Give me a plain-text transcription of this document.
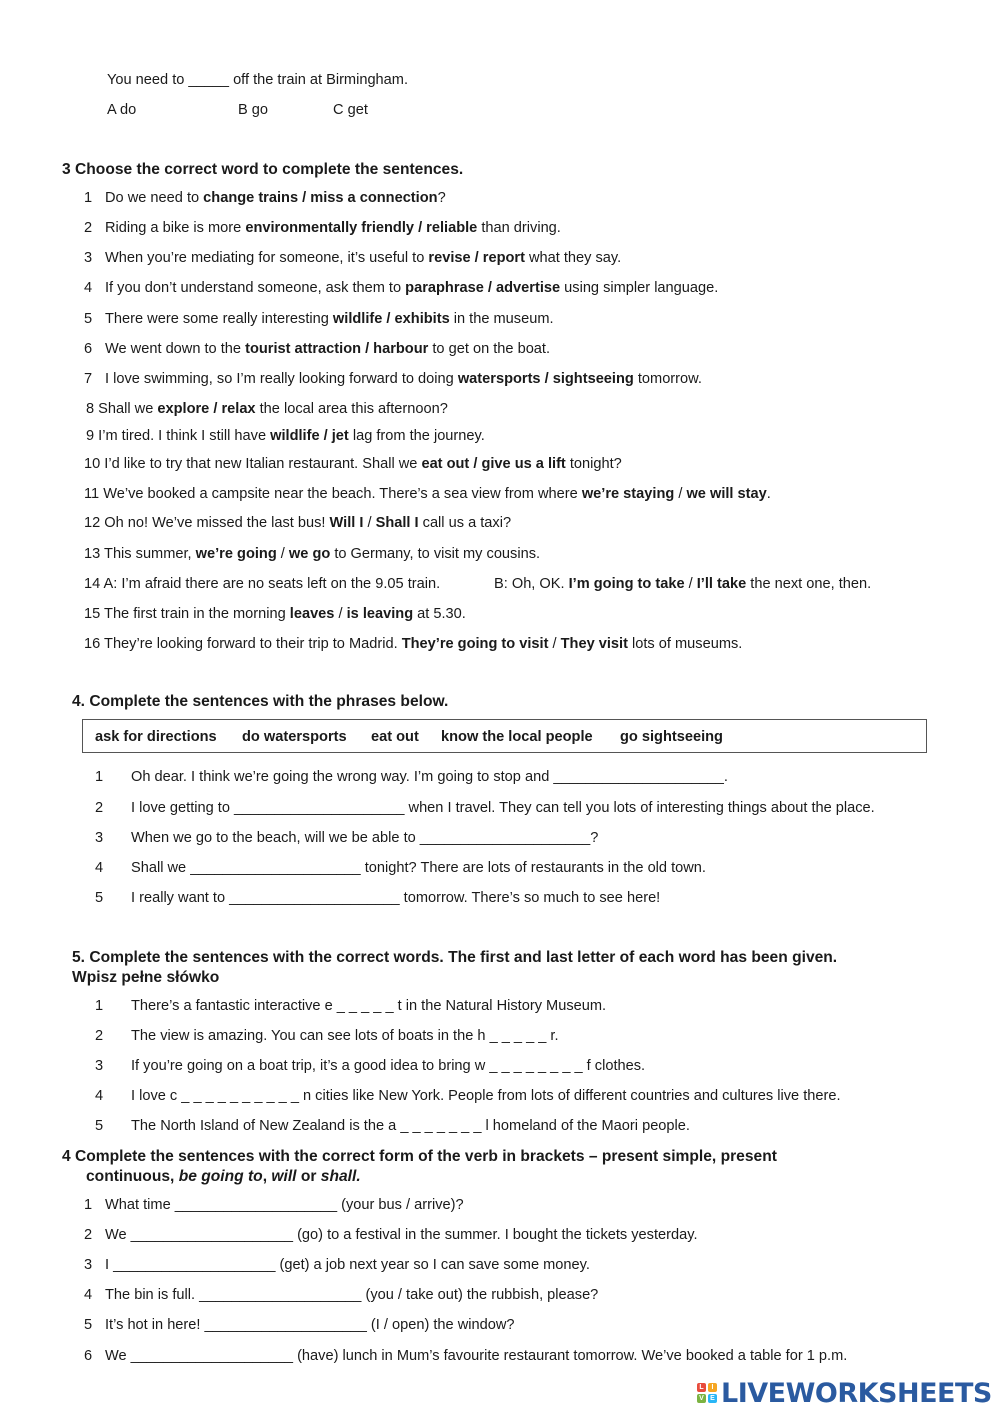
You need to _____ off the train at Birmingham.
A do	B go	C get
3 Choose the correct word to complete the sentences.
1 Do we need to change trains / miss a connection?
2 Riding a bike is more environmentally friendly / reliable than driving.
3 When you’re mediating for someone, it’s useful to revise / report what they say.
4 If you don’t understand someone, ask them to paraphrase / advertise using simpler language.
5 There were some really interesting wildlife / exhibits in the museum.
6 We went down to the tourist attraction / harbour to get on the boat.
7 I love swimming, so I’m really looking forward to doing watersports / sightseeing tomorrow.
8 Shall we explore / relax the local area this afternoon?
9 I’m tired. I think I still have wildlife / jet lag from the journey.
10 I’d like to try that new Italian restaurant. Shall we eat out / give us a lift tonight?
11 We’ve booked a campsite near the beach. There’s a sea view from where we’re staying / we will stay.
12 Oh no! We’ve missed the last bus! Will I / Shall I call us a taxi?
13 This summer, we’re going / we go to Germany, to visit my cousins.
14 A: I’m afraid there are no seats left on the 9.05 train.	B: Oh, OK. I’m going to take / I’ll take the next one, then.
15 The first train in the morning leaves / is leaving at 5.30.
16 They’re looking forward to their trip to Madrid. They’re going to visit / They visit lots of museums.
4. Complete the sentences with the phrases below.
ask for directions do watersports eat out know the local people go sightseeing
1 Oh dear. I think we’re going the wrong way. I’m going to stop and _____________________.
2 I love getting to _____________________ when I travel. They can tell you lots of interesting things about the place.
3 When we go to the beach, will we be able to _____________________?
4 Shall we _____________________ tonight? There are lots of restaurants in the old town.
5 I really want to _____________________ tomorrow. There’s so much to see here!
5. Complete the sentences with the correct words. The first and last letter of each word has been given.
Wpisz pełne słówko
1 There’s a fantastic interactive e _ _ _ _ _ t in the Natural History Museum.
2 The view is amazing. You can see lots of boats in the h _ _ _ _ _ r.
3 If you’re going on a boat trip, it’s a good idea to bring w _ _ _ _ _ _ _ _ f clothes.
4 I love c _ _ _ _ _ _ _ _ _ _ n cities like New York. People from lots of different countries and cultures live there.
5 The North Island of New Zealand is the a _ _ _ _ _ _ _ l homeland of the Maori people.
4 Complete the sentences with the correct form of the verb in brackets – present simple, present
continuous, be going to, will or shall.
1 What time ____________________ (your bus / arrive)?
2 We ____________________ (go) to a festival in the summer. I bought the tickets yesterday.
3 I ____________________ (get) a job next year so I can save some money.
4 The bin is full. ____________________ (you / take out) the rubbish, please?
5 It’s hot in here! ____________________ (I / open) the window?
6 We ____________________ (have) lunch in Mum’s favourite restaurant tomorrow. We’ve booked a table for 1 p.m.
L	I
V E LIVEWORKSHEETS
